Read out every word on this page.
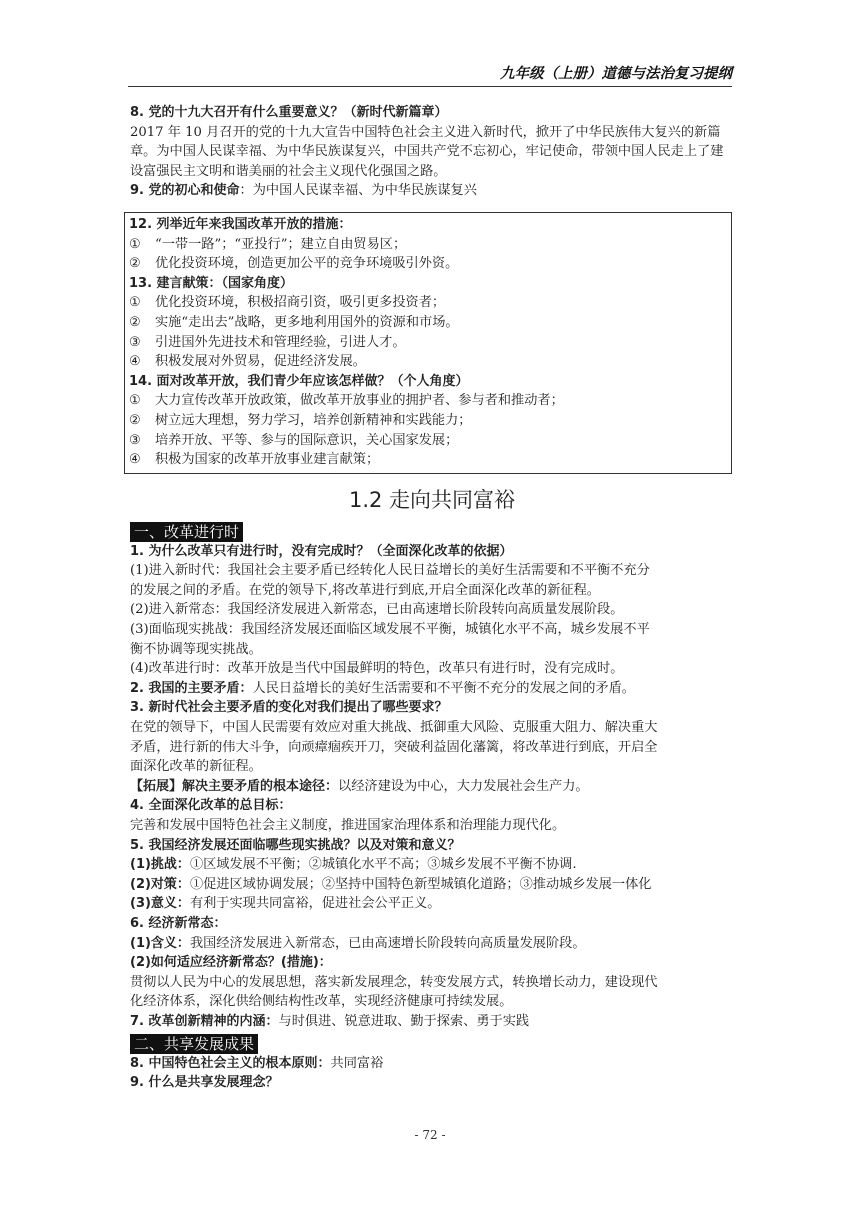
九年级（上册）道德与法治复习提纲
8. 党的十九大召开有什么重要意义？（新时代新篇章）
2017 年 10 月召开的党的十九大宣告中国特色社会主义进入新时代，掀开了中华民族伟大复兴的新篇章。为中国人民谋幸福、为中华民族谋复兴，中国共产党不忘初心，牢记使命，带领中国人民走上了建设富强民主文明和谐美丽的社会主义现代化强国之路。
9. 党的初心和使命：为中国人民谋幸福、为中华民族谋复兴
12. 列举近年来我国改革开放的措施：
① “一带一路”；“亚投行”；建立自由贸易区；
② 优化投资环境，创造更加公平的竞争环境吸引外资。
13. 建言献策：（国家角度）
① 优化投资环境，积极招商引资，吸引更多投资者；
② 实施“走出去”战略，更多地利用国外的资源和市场。
③ 引进国外先进技术和管理经验，引进人才。
④ 积极发展对外贸易，促进经济发展。
14. 面对改革开放，我们青少年应该怎样做？（个人角度）
① 大力宣传改革开放政策，做改革开放事业的拥护者、参与者和推动者；
② 树立远大理想，努力学习，培养创新精神和实践能力；
③ 培养开放、平等、参与的国际意识，关心国家发展；
④ 积极为国家的改革开放事业建言献策；
1.2 走向共同富裕
一、改革进行时
1. 为什么改革只有进行时，没有完成时？（全面深化改革的依据）
(1)进入新时代：我国社会主要矛盾已经转化人民日益增长的美好生活需要和不平衡不充分
的发展之间的矛盾。在党的领导下,将改革进行到底,开启全面深化改革的新征程。
(2)进入新常态：我国经济发展进入新常态，已由高速增长阶段转向高质量发展阶段。
(3)面临现实挑战：我国经济发展还面临区域发展不平衡，城镇化水平不高，城乡发展不平
衡不协调等现实挑战。
(4)改革进行时：改革开放是当代中国最鲜明的特色，改革只有进行时，没有完成时。
2. 我国的主要矛盾：人民日益增长的美好生活需要和不平衡不充分的发展之间的矛盾。
3. 新时代社会主要矛盾的变化对我们提出了哪些要求？
在党的领导下，中国人民需要有效应对重大挑战、抵御重大风险、克服重大阻力、解决重大
矛盾，进行新的伟大斗争，向顽瘴痼疾开刀，突破利益固化藩篱，将改革进行到底，开启全
面深化改革的新征程。
【拓展】解决主要矛盾的根本途径：以经济建设为中心，大力发展社会生产力。
4. 全面深化改革的总目标：
完善和发展中国特色社会主义制度，推进国家治理体系和治理能力现代化。
5. 我国经济发展还面临哪些现实挑战？以及对策和意义？
(1)挑战：①区域发展不平衡；②城镇化水平不高；③城乡发展不平衡不协调.
(2)对策：①促进区域协调发展；②坚持中国特色新型城镇化道路；③推动城乡发展一体化
(3)意义：有利于实现共同富裕，促进社会公平正义。
6. 经济新常态：
(1)含义：我国经济发展进入新常态，已由高速增长阶段转向高质量发展阶段。
(2)如何适应经济新常态？(措施)：
贯彻以人民为中心的发展思想，落实新发展理念，转变发展方式，转换增长动力，建设现代
化经济体系，深化供给侧结构性改革，实现经济健康可持续发展。
7. 改革创新精神的内涵：与时俱进、锐意进取、勤于探索、勇于实践
二、共享发展成果
8. 中国特色社会主义的根本原则：共同富裕
9. 什么是共享发展理念？
- 72 -
